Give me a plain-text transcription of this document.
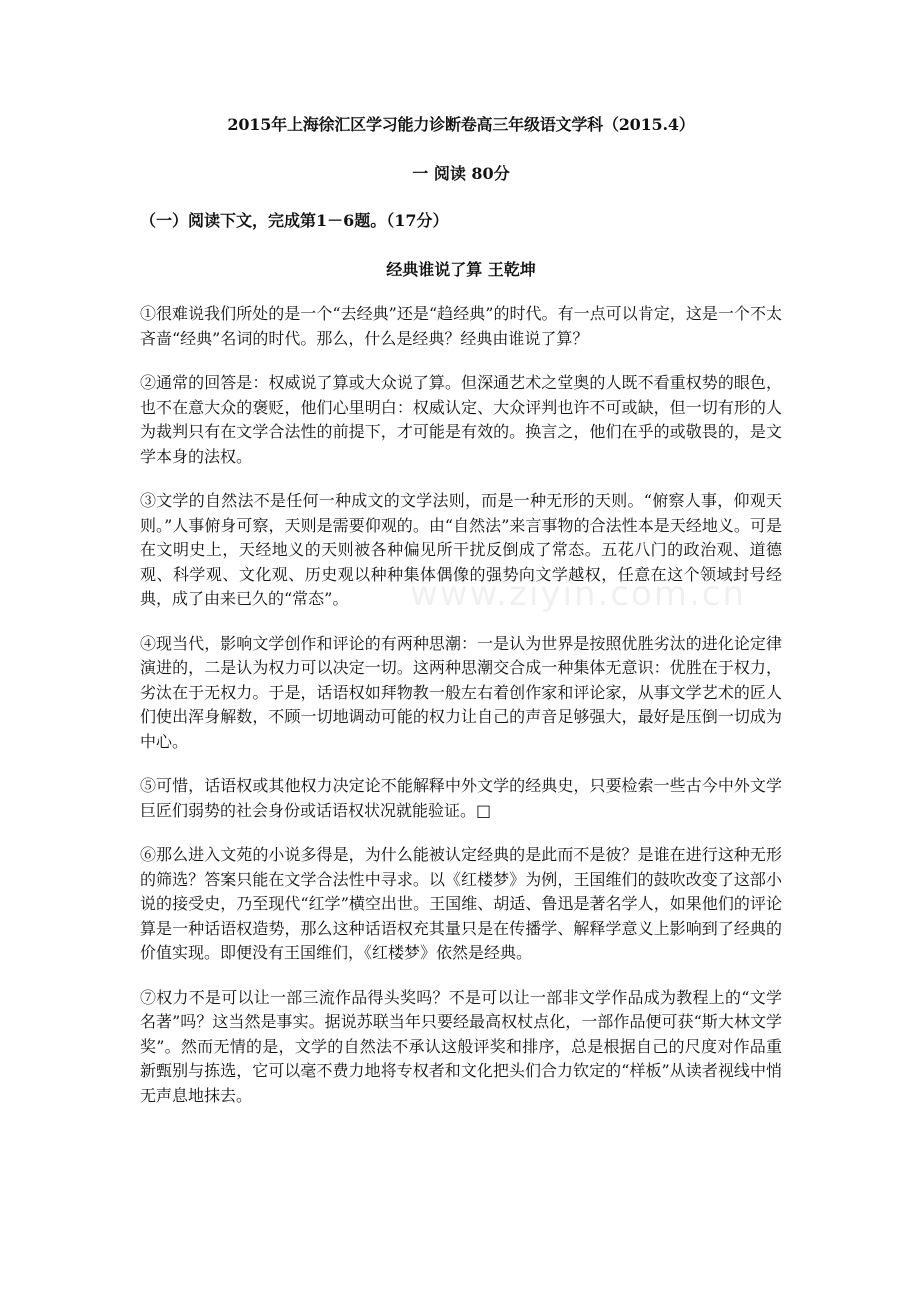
2015年上海徐汇区学习能力诊断卷高三年级语文学科（2015.4）
一 阅读 80分

（一）阅读下文，完成第1－6题。（17分）

经典谁说了算 王乾坤

①很难说我们所处的是一个“去经典”还是“趋经典”的时代。有一点可以肯定，这是一个不太吝啬“经典”名词的时代。那么，什么是经典？经典由谁说了算？

②通常的回答是：权威说了算或大众说了算。但深通艺术之堂奥的人既不看重权势的眼色，也不在意大众的褒贬，他们心里明白：权威认定、大众评判也许不可或缺，但一切有形的人为裁判只有在文学合法性的前提下，才可能是有效的。换言之，他们在乎的或敬畏的，是文学本身的法权。

③文学的自然法不是任何一种成文的文学法则，而是一种无形的天则。“俯察人事，仰观天则。”人事俯身可察，天则是需要仰观的。由“自然法”来言事物的合法性本是天经地义。可是在文明史上，天经地义的天则被各种偏见所干扰反倒成了常态。五花八门的政治观、道德观、科学观、文化观、历史观以种种集体偶像的强势向文学越权，任意在这个领域封号经典，成了由来已久的“常态”。

④现当代，影响文学创作和评论的有两种思潮：一是认为世界是按照优胜劣汰的进化论定律演进的，二是认为权力可以决定一切。这两种思潮交合成一种集体无意识：优胜在于权力，劣汰在于无权力。于是，话语权如拜物教一般左右着创作家和评论家，从事文学艺术的匠人们使出浑身解数，不顾一切地调动可能的权力让自己的声音足够强大，最好是压倒一切成为中心。

⑤可惜，话语权或其他权力决定论不能解释中外文学的经典史，只要检索一些古今中外文学巨匠们弱势的社会身份或话语权状况就能验证。□

⑥那么进入文苑的小说多得是，为什么能被认定经典的是此而不是彼？是谁在进行这种无形的筛选？答案只能在文学合法性中寻求。以《红楼梦》为例，王国维们的鼓吹改变了这部小说的接受史，乃至现代“红学”横空出世。王国维、胡适、鲁迅是著名学人，如果他们的评论算是一种话语权造势，那么这种话语权充其量只是在传播学、解释学意义上影响到了经典的价值实现。即便没有王国维们，《红楼梦》依然是经典。

⑦权力不是可以让一部三流作品得头奖吗？不是可以让一部非文学作品成为教程上的“文学名著”吗？这当然是事实。据说苏联当年只要经最高权杖点化，一部作品便可获“斯大林文学奖”。然而无情的是，文学的自然法不承认这般评奖和排序，总是根据自己的尺度对作品重新甄别与拣选，它可以毫不费力地将专权者和文化把头们合力钦定的“样板”从读者视线中悄无声息地抹去。

www.ziyin.com.cn
